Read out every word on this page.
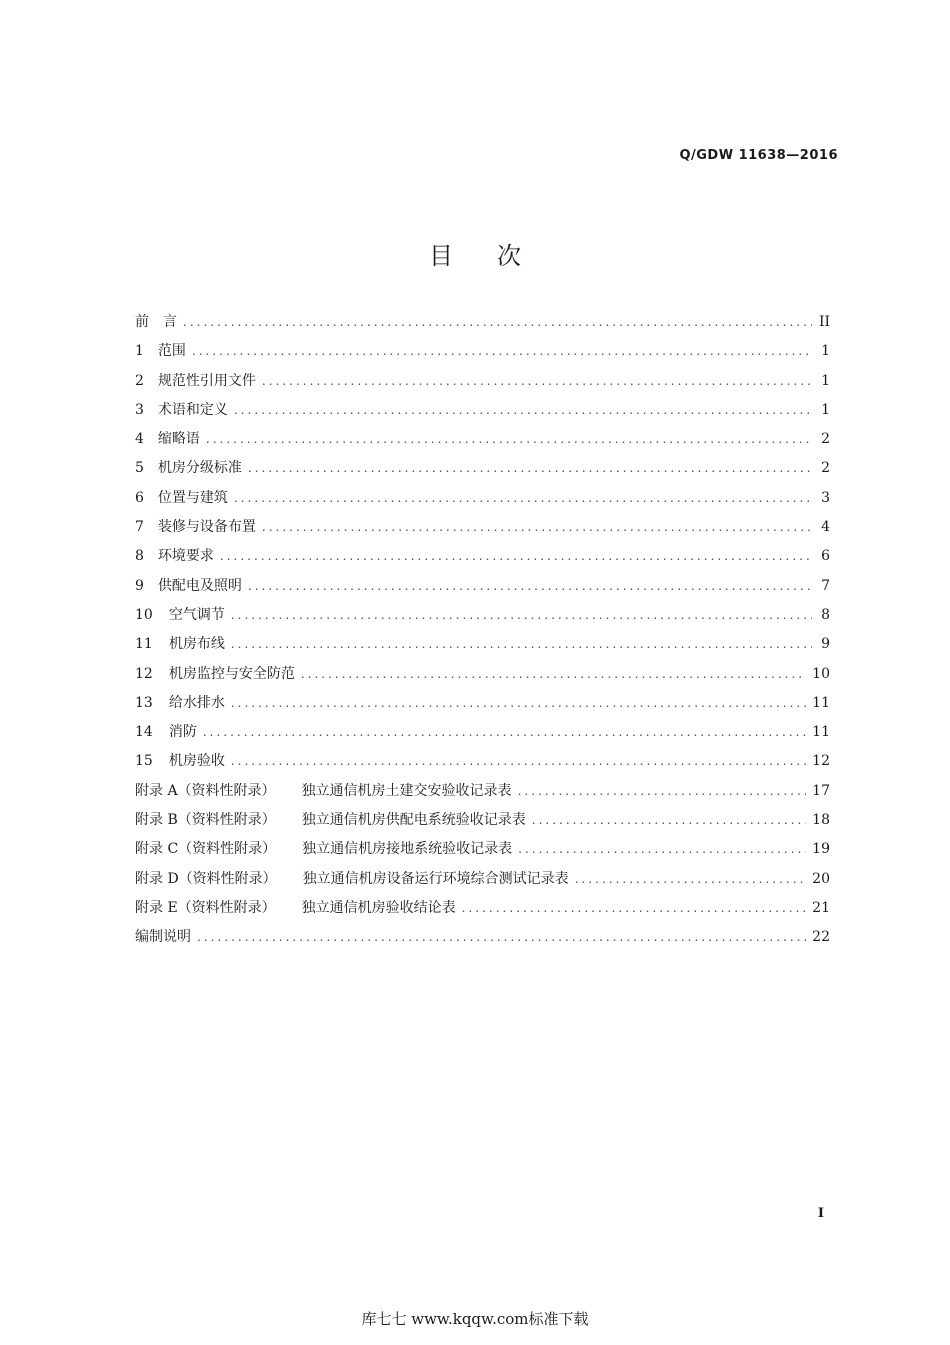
Q/GDW 11638—2016
目次
前　言 .....	II
1 范围 .....	1
2 规范性引用文件 .....	1
3 术语和定义 .....	1
4 缩略语 .....	2
5 机房分级标准 .....	2
6 位置与建筑 .....	3
7 装修与设备布置 .....	4
8 环境要求 .....	6
9 供配电及照明 .....	7
10 空气调节 .....	8
11 机房布线 .....	9
12 机房监控与安全防范 .....	10
13 给水排水 .....	11
14 消防 .....	11
15 机房验收 .....	12
附录 A（资料性附录） 独立通信机房土建交安验收记录表 .....	17
附录 B（资料性附录） 独立通信机房供配电系统验收记录表 .....	18
附录 C（资料性附录） 独立通信机房接地系统验收记录表 .....	19
附录 D（资料性附录） 独立通信机房设备运行环境综合测试记录表 .....	20
附录 E（资料性附录） 独立通信机房验收结论表 .....	21
编制说明 .....	22
I
库七七 www.kqqw.com标准下载
